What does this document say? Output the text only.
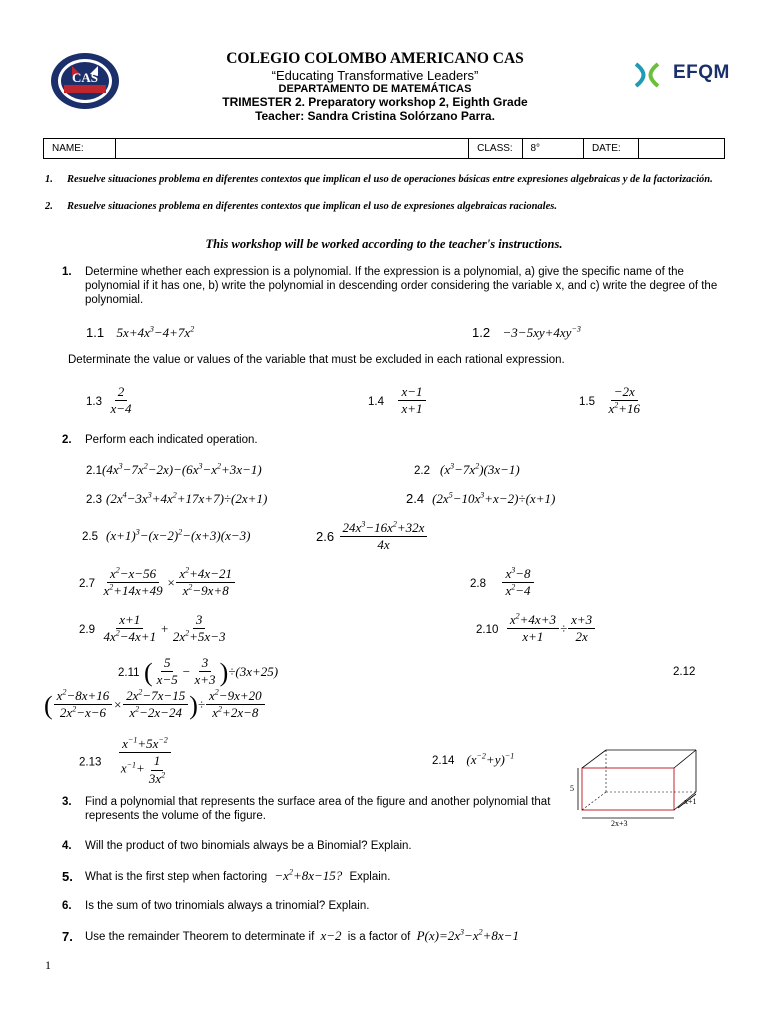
CAS
COLEGIO COLOMBO AMERICANO CAS
“Educating Transformative Leaders”
DEPARTAMENTO DE MATEMÁTICAS
TRIMESTER 2. Preparatory workshop 2, Eighth Grade
Teacher: Sandra Cristina Solórzano Parra.
EFQM
NAME:		CLASS:	8°	DATE:	
1. Resuelve situaciones problema en diferentes contextos que implican el uso de operaciones básicas entre expresiones algebraicas y de la factorización.
2. Resuelve situaciones problema en diferentes contextos que implican el uso de expresiones algebraicas racionales.
This workshop will be worked according to the teacher's instructions.
1. Determine whether each expression is a polynomial. If the expression is a polynomial, a) give the specific name of the polynomial if it has one, b) write the polynomial in descending order considering the variable x, and c) write the degree of the polynomial.
1.1 $5x+4x^3-4+7x^2$	$1.2 -3-5xy+4xy^{-3}$
Determinate the value or values of the variable that must be excluded in each rational expression.
$1.3 \frac{2}{x-4}$	$1.4 \frac{x-1}{x+1}$	$1.5 \frac{-2x}{x^2+16}$
2. Perform each indicated operation.
$2.1(4x^3-7x^2-2x)-(6x^3-x^2+3x-1)$	2.2 $(x^3-7x^2)(3x-1)$
2.3 $(2x^4-3x^3+4x^2+17x+7)\div(2x+1)$	2.4 $(2x^5-10x^3+x-2)\div(x+1)$
2.5 $(x+1)^3-(x-2)^2-(x+3)(x-3)$	$2.6 \frac{24x^3-16x^2+32x}{4x}$
$2.7 \frac{x^2-x-56}{x^2+14x+49} \times \frac{x^2+4x-21}{x^2-9x+8}$	$2.8 \frac{x^3-8}{x^2-4}$
$2.9 \frac{x+1}{4x^2-4x+1} + \frac{3}{2x^2+5x-3}$	$2.10 \frac{x^2+4x+3}{x+1} \div \frac{x+3}{2x}$
2.11 ( $\frac{5}{x-5} - \frac{3}{x+3} )\div(3x+25)$	2.12
( $\frac{x^2-8x+16}{2x^2-x-6} \times \frac{2x^2-7x-15}{x^2-2x-24}$ )÷ $\frac{x^2-9x+20}{x^2+2x-8}$
$2.13 \frac{x^{-1}+5x^{-2}}{x^{-1}+ \frac{1}{3x^2}}$	2.14 $(x^{-2}+y)^{-1}$
5
x+1
2x+3
3. Find a polynomial that represents the surface area of the figure and another polynomial that represents the volume of the figure.
4. Will the product of two binomials always be a Binomial? Explain.
5. What is the first step when factoring $-x^2+8x-15$? Explain.
6. Is the sum of two trinomials always a trinomial? Explain.
7. Use the remainder Theorem to determinate if x−2 is a factor of $P(x)=2x^3-x^2+8x-1$
1
